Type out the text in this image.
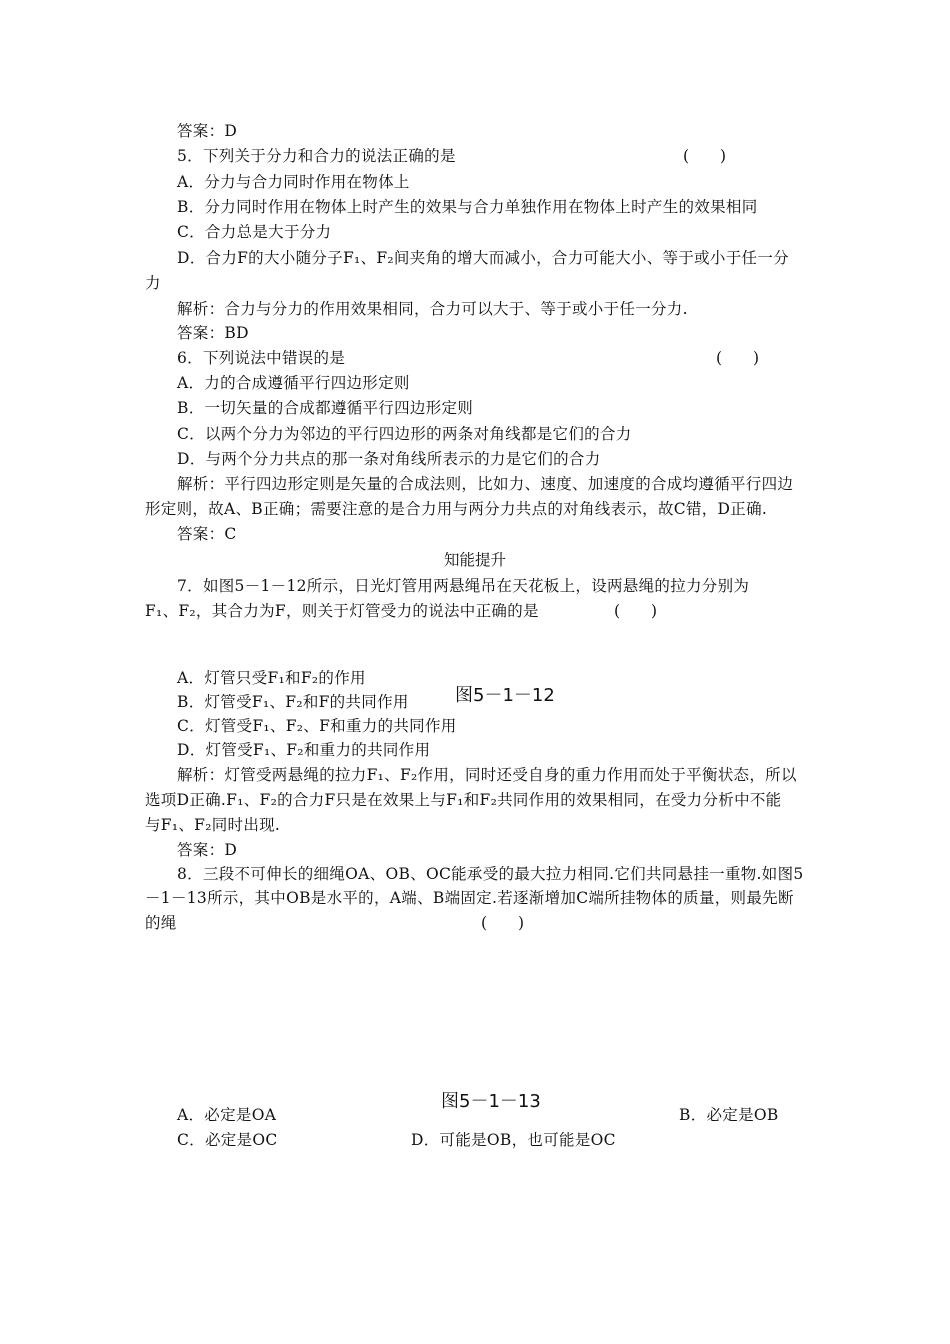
答案：D
5．下列关于分力和合力的说法正确的是	(　　)
A．分力与合力同时作用在物体上
B．分力同时作用在物体上时产生的效果与合力单独作用在物体上时产生的效果相同
C．合力总是大于分力
D．合力F的大小随分子F₁、F₂间夹角的增大而减小，合力可能大小、等于或小于任一分
力
解析：合力与分力的作用效果相同，合力可以大于、等于或小于任一分力.
答案：BD
6．下列说法中错误的是	(　　)
A．力的合成遵循平行四边形定则
B．一切矢量的合成都遵循平行四边形定则
C．以两个分力为邻边的平行四边形的两条对角线都是它们的合力
D．与两个分力共点的那一条对角线所表示的力是它们的合力
解析：平行四边形定则是矢量的合成法则，比如力、速度、加速度的合成均遵循平行四边
形定则，故A、B正确；需要注意的是合力用与两分力共点的对角线表示，故C错，D正确.
答案：C
知能提升
7．如图5－1－12所示，日光灯管用两悬绳吊在天花板上，设两悬绳的拉力分别为
F₁、F₂，其合力为F，则关于灯管受力的说法中正确的是	(　　)
A．灯管只受F₁和F₂的作用
B．灯管受F₁、F₂和F的共同作用	图5－1－12
C．灯管受F₁、F₂、F和重力的共同作用
D．灯管受F₁、F₂和重力的共同作用
解析：灯管受两悬绳的拉力F₁、F₂作用，同时还受自身的重力作用而处于平衡状态，所以
选项D正确.F₁、F₂的合力F只是在效果上与F₁和F₂共同作用的效果相同，在受力分析中不能
与F₁、F₂同时出现.
答案：D
8．三段不可伸长的细绳OA、OB、OC能承受的最大拉力相同.它们共同悬挂一重物.如图5
－1－13所示，其中OB是水平的，A端、B端固定.若逐渐增加C端所挂物体的质量，则最先断
的绳	(　　)
图5－1－13
A．必定是OA	B．必定是OB
C．必定是OC	D．可能是OB，也可能是OC
